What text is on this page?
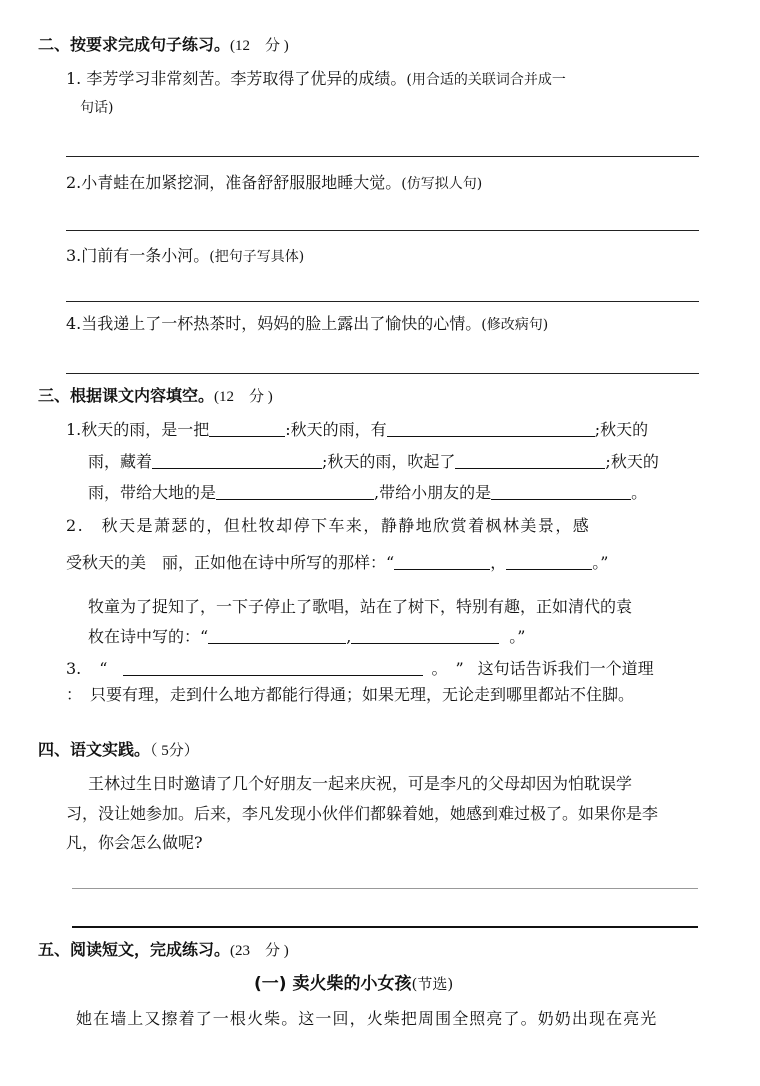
二、按要求完成句子练习。(12　分 )
1. 李芳学习非常刻苦。李芳取得了优异的成绩。(用合适的关联词合并成一
句话)
2.小青蛙在加紧挖洞，准备舒舒服服地睡大觉。(仿写拟人句)
3.门前有一条小河。(把句子写具体)
4.当我递上了一杯热茶时，妈妈的脸上露出了愉快的心情。(修改病句)
三、根据课文内容填空。(12　分 )
1.秋天的雨，是一把	:秋天的雨，有	;秋天的
雨，藏着	;秋天的雨，吹起了	;秋天的
雨，带给大地的是	,带给小朋友的是	。
2.　秋天是萧瑟的，但杜牧却停下车来，静静地欣赏着枫林美景，感
受秋天的美　丽，正如他在诗中所写的那样：“	，	。”
牧童为了捉知了，一下子停止了歌唱，站在了树下，特别有趣，正如清代的袁
枚在诗中写的：“	,	。”
3. “	。　” 这句话告诉我们一个道理
：　只要有理，走到什么地方都能行得通；如果无理，无论走到哪里都站不住脚。
四、语文实践。（ 5分）
王林过生日时邀请了几个好朋友一起来庆祝，可是李凡的父母却因为怕耽误学
习，没让她参加。后来，李凡发现小伙伴们都躲着她，她感到难过极了。如果你是李
凡，你会怎么做呢?
五、阅读短文，完成练习。(23　分 )
(一) 卖火柴的小女孩(节选)
她在墙上又擦着了一根火柴。这一回，火柴把周围全照亮了。奶奶出现在亮光
